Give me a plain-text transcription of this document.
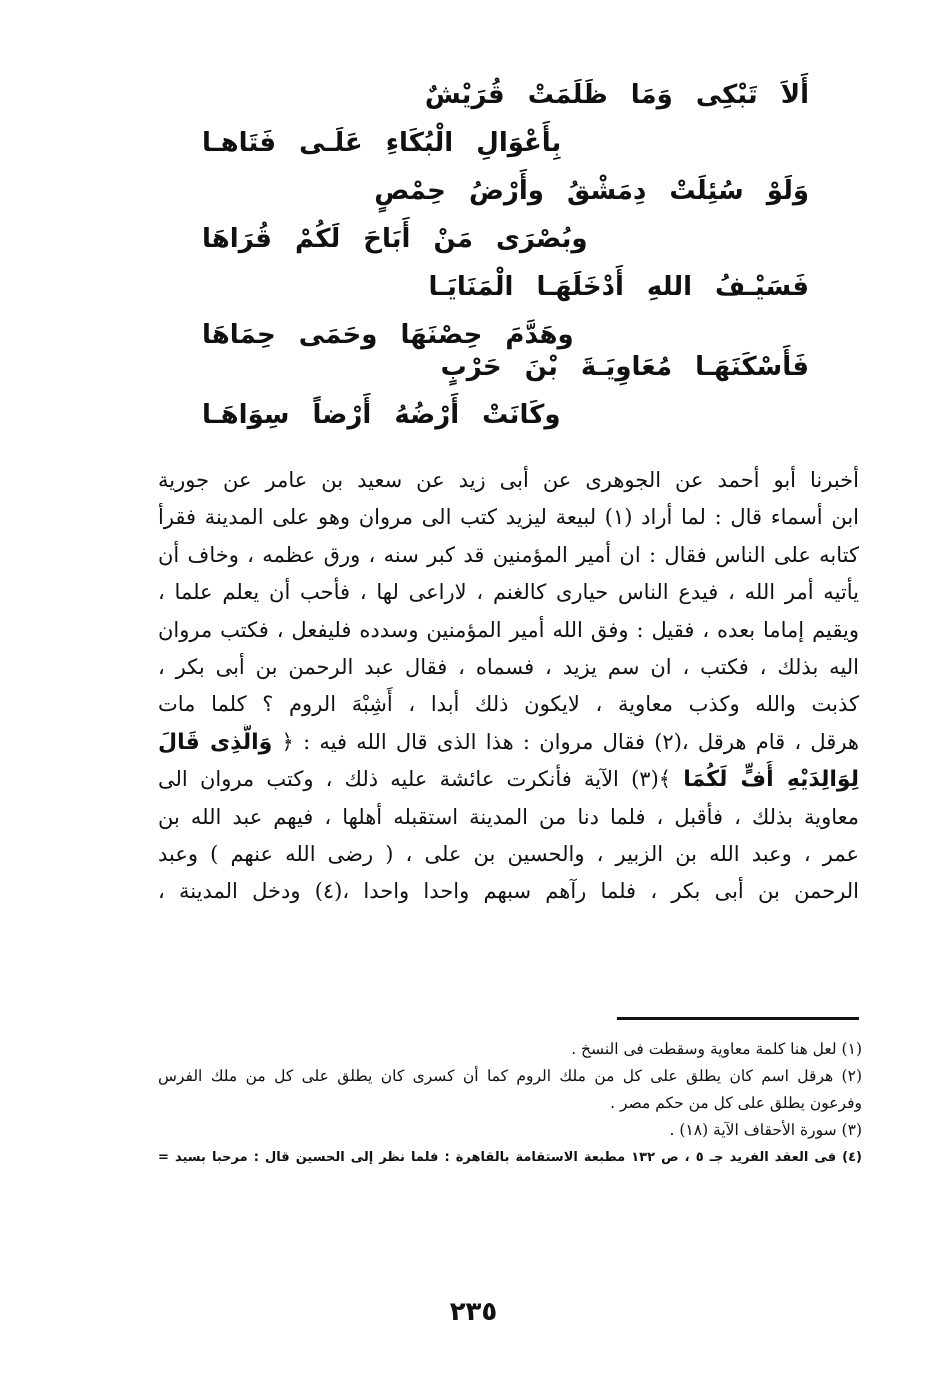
أَلاَ تَبْكِى وَمَا ظَلَمَتْ قُرَيْشٌ
بِأَعْوَالِ الْبُكَاءِ عَلَـى فَتَاهـا
وَلَوْ سُئِلَتْ دِمَشْقُ وأَرْضُ حِمْصٍ
وبُصْرَى مَنْ أَبَاحَ لَكُمْ قُرَاهَا
فَسَيْـفُ اللهِ أَدْخَلَهَـا الْمَنَايَـا
وهَدَّمَ حِصْنَهَا وحَمَى حِمَاهَا
فَأَسْكَنَهَـا مُعَاوِيَـةَ بْنَ حَرْبٍ
وكَانَتْ أَرْضُهُ أَرْضاً سِوَاهَـا
أخبرنا أبو أحمد عن الجوهرى عن أبى زيد عن سعيد بن عامر عن جورية
ابن أسماء قال : لما أراد (١) لبيعة ليزيد كتب الى مروان وهو على المدينة فقرأ
كتابه على الناس فقال : ان أمير المؤمنين قد كبر سنه ، ورق عظمه ، وخاف أن
يأتيه أمر الله ، فيدع الناس حيارى كالغنم ، لاراعى لها ، فأحب أن يعلم علما ،
ويقيم إماما بعده ، فقيل : وفق الله أمير المؤمنين وسدده فليفعل ، فكتب مروان
اليه بذلك ، فكتب ، ان سم يزيد ، فسماه ، فقال عبد الرحمن بن أبى بكر ،
كذبت والله وكذب معاوية ، لايكون ذلك أبدا ، أَشِبْهَ الروم ؟ كلما مات
هرقل ، قام هرقل ،(٢) فقال مروان : هذا الذى قال الله فيه : ﴿ وَالَّذِى قَالَ
لِوَالِدَيْهِ أُفٍّ لَكُمَا ﴾(٣) الآية فأنكرت عائشة عليه ذلك ، وكتب مروان الى
معاوية بذلك ، فأقبل ، فلما دنا من المدينة استقبله أهلها ، فيهم عبد الله بن
عمر ، وعبد الله بن الزبير ، والحسين بن على ، ( رضى الله عنهم ) وعبد
الرحمن بن أبى بكر ، فلما رآهم سبهم واحدا واحدا ،(٤) ودخل المدينة ،
(١) لعل هنا كلمة معاوية وسقطت فى النسخ .
(٢) هرقل اسم كان يطلق على كل من ملك الروم كما أن كسرى كان يطلق على كل من ملك الفرس
وفرعون يطلق على كل من حكم مصر .
(٣) سورة الأحقاف الآية (١٨) .
(٤) فى العقد الفريد جـ ٥ ، ص ١٣٢ مطبعة الاستقامة بالقاهرة : فلما نظر إلى الحسين قال : مرحبا بسيد =
٢٣٥
